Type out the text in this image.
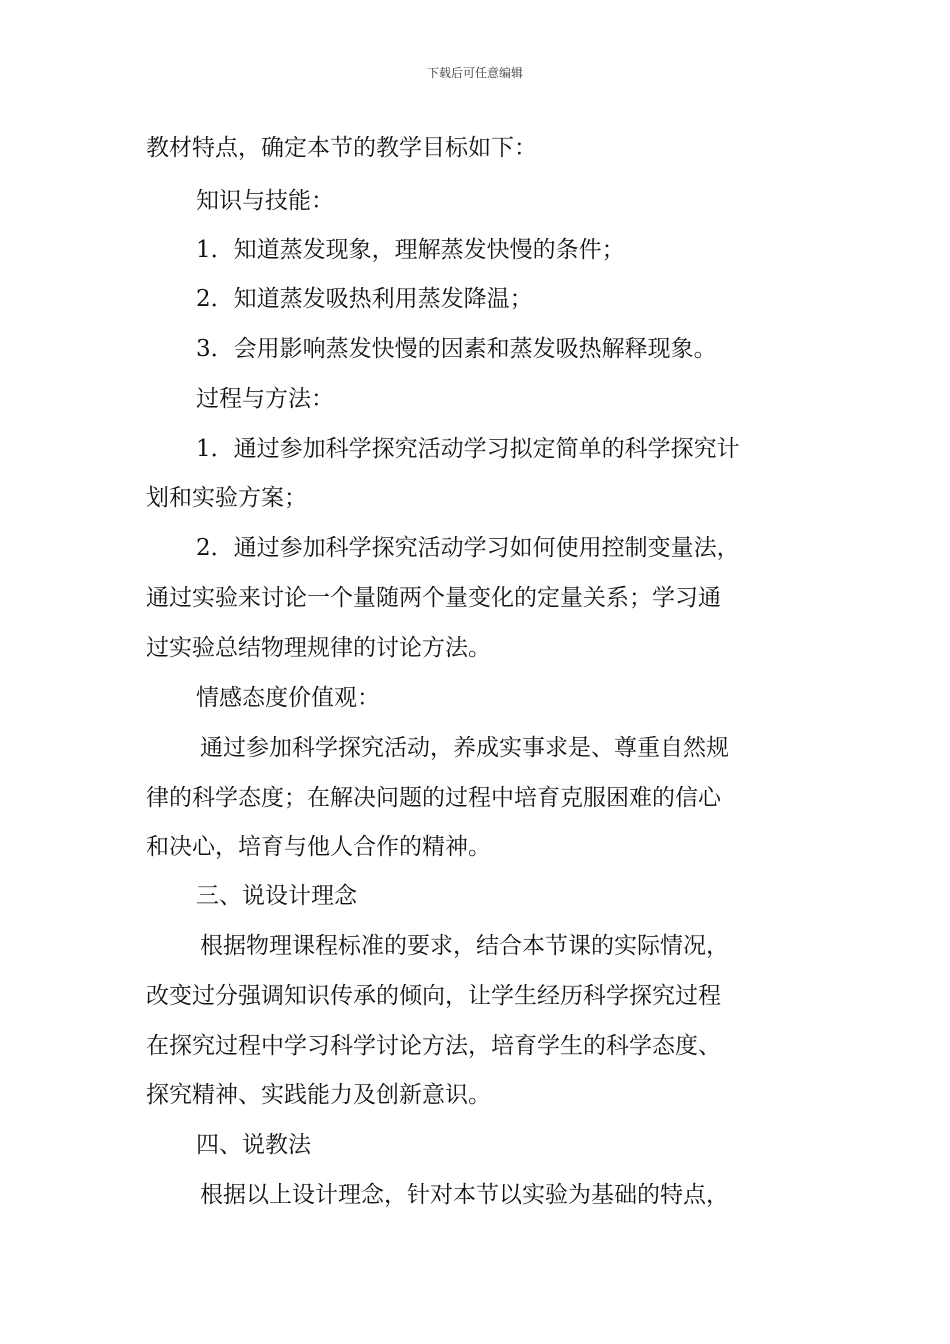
下载后可任意编辑
教材特点，确定本节的教学目标如下：
知识与技能：
1．知道蒸发现象，理解蒸发快慢的条件；
2．知道蒸发吸热利用蒸发降温；
3．会用影响蒸发快慢的因素和蒸发吸热解释现象。
过程与方法：
1．通过参加科学探究活动学习拟定简单的科学探究计
划和实验方案；
2．通过参加科学探究活动学习如何使用控制变量法，
通过实验来讨论一个量随两个量变化的定量关系；学习通
过实验总结物理规律的讨论方法。
情感态度价值观：
通过参加科学探究活动，养成实事求是、尊重自然规
律的科学态度；在解决问题的过程中培育克服困难的信心
和决心，培育与他人合作的精神。
三、说设计理念
根据物理课程标准的要求，结合本节课的实际情况，
改变过分强调知识传承的倾向，让学生经历科学探究过程
在探究过程中学习科学讨论方法，培育学生的科学态度、
探究精神、实践能力及创新意识。
四、说教法
根据以上设计理念，针对本节以实验为基础的特点，
